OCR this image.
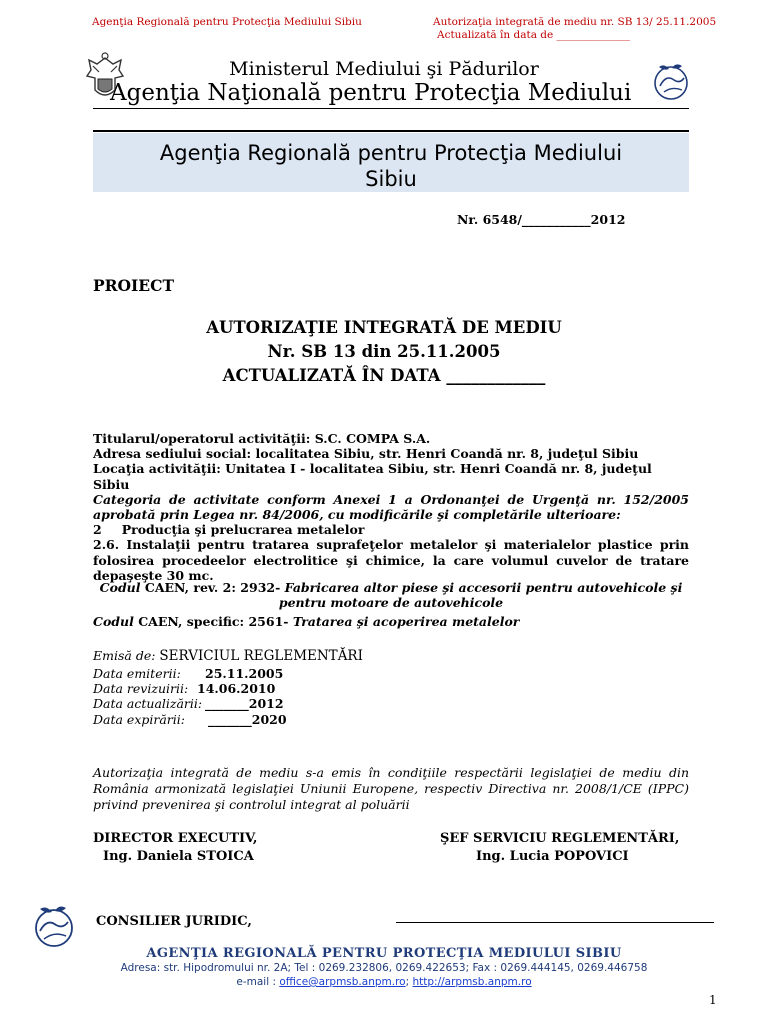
Agenţia Regională pentru Protecţia Mediului Sibiu	Autorizaţia integrată de mediu nr. SB 13/ 25.11.2005
Actualizată în data de ______________
Ministerul Mediului şi Pădurilor
Agenţia Naţională pentru Protecţia Mediului
Agenţia Regională pentru Protecţia Mediului
Sibiu
Nr. 6548/___________2012
PROIECT
AUTORIZAŢIE INTEGRATĂ DE MEDIU
Nr. SB 13 din 25.11.2005
ACTUALIZATĂ ÎN DATA ____________
Titularul/operatorul activităţii: S.C. COMPA S.A.
Adresa sediului social: localitatea Sibiu, str. Henri Coandă nr. 8, judeţul Sibiu
Locaţia activităţii: Unitatea I - localitatea Sibiu, str. Henri Coandă nr. 8, judeţul Sibiu
Categoria de activitate conform Anexei 1 a Ordonanţei de Urgenţă nr. 152/2005 aprobată prin Legea nr. 84/2006, cu modificările şi completările ulterioare:
2 Producţia şi prelucrarea metalelor
2.6. Instalaţii pentru tratarea suprafeţelor metalelor şi materialelor plastice prin folosirea procedeelor electrolitice şi chimice, la care volumul cuvelor de tratare depaşeşte 30 mc.
Codul CAEN, rev. 2: 2932- Fabricarea altor piese şi accesorii pentru autovehicole şi pentru motoare de autovehicole
Codul CAEN, specific: 2561- Tratarea şi acoperirea metalelor
Emisă de: SERVICIUL REGLEMENTĂRI
Data emiterii: 25.11.2005
Data revizuirii: 14.06.2010
Data actualizării: _______2012
Data expirării: _______2020
Autorizaţia integrată de mediu s-a emis în condiţiile respectării legislaţiei de mediu din România armonizată legislaţiei Uniunii Europene, respectiv Directiva nr. 2008/1/CE (IPPC) privind prevenirea şi controlul integrat al poluării
DIRECTOR EXECUTIV,
Ing. Daniela STOICA
ŞEF SERVICIU REGLEMENTĂRI,
Ing. Lucia POPOVICI
CONSILIER JURIDIC,
AGENŢIA REGIONALĂ PENTRU PROTECŢIA MEDIULUI SIBIU
Adresa: str. Hipodromului nr. 2A; Tel : 0269.232806, 0269.422653; Fax : 0269.444145, 0269.446758
e-mail : office@arpmsb.anpm.ro; http://arpmsb.anpm.ro
1
